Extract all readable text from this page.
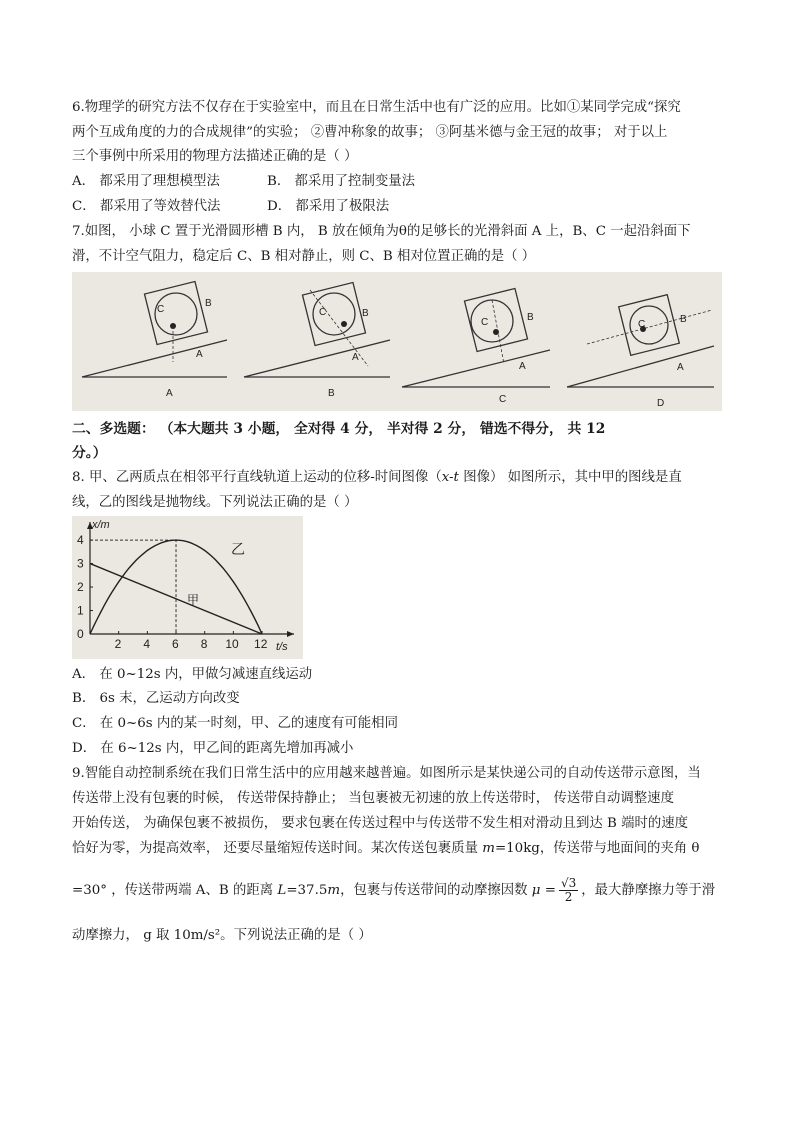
6.物理学的研究方法不仅存在于实验室中，而且在日常生活中也有广泛的应用。比如①某同学完成“探究
两个互成角度的力的合成规律”的实验； ②曹冲称象的故事； ③阿基米德与金王冠的故事； 对于以上
三个事例中所采用的物理方法描述正确的是（ ）
A． 都采用了理想模型法	B． 都采用了控制变量法
C． 都采用了等效替代法	D． 都采用了极限法
7.如图， 小球 C 置于光滑圆形槽 B 内， B 放在倾角为θ的足够长的光滑斜面 A 上，B、C 一起沿斜面下
滑，不计空气阻力，稳定后 C、B 相对静止，则 C、B 相对位置正确的是（ ）
C
B
A
A
C	B
A
B
C	B
A
C
C	B
A
D
二、多选题： （本大题共 3 小题， 全对得 4 分， 半对得 2 分， 错选不得分， 共 12
分。）
8. 甲、乙两质点在相邻平行直线轨道上运动的位移-时间图像（x-t 图像） 如图所示，其中甲的图线是直
线，乙的图线是抛物线。下列说法正确的是（ ）
2 4 6 8 10 12
0
1
2
3
4
x/m
t/s
乙
甲
A． 在 0~12s 内，甲做匀减速直线运动
B． 6s 末，乙运动方向改变
C． 在 0~6s 内的某一时刻，甲、乙的速度有可能相同
D． 在 6~12s 内，甲乙间的距离先增加再减小
9.智能自动控制系统在我们日常生活中的应用越来越普遍。如图所示是某快递公司的自动传送带示意图，当
传送带上没有包裹的时候， 传送带保持静止； 当包裹被无初速的放上传送带时， 传送带自动调整速度
开始传送， 为确保包裹不被损伤， 要求包裹在传送过程中与传送带不发生相对滑动且到达 B 端时的速度
恰好为零，为提高效率， 还要尽量缩短传送时间。某次传送包裹质量 m=10kg，传送带与地面间的夹角 θ
=30° ，传送带两端 A、B 的距离 L=37.5m，包裹与传送带间的动摩擦因数 $\mu = \frac{√3}{2}$ ，最大静摩擦力等于滑
动摩擦力， g 取 10m/s²。下列说法正确的是（ ）
